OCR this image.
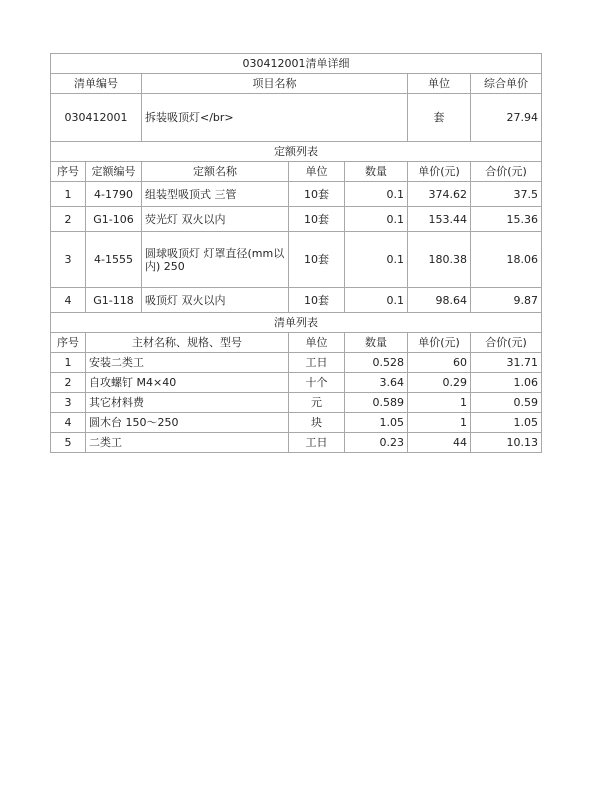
030412001清单详细						
清单编号		项目名称			单位	综合单价
030412001		拆装吸顶灯</br>			套	27.94
定额列表						
序号	定额编号	定额名称	单位	数量	单价(元)	合价(元)
1	4-1790	组装型吸顶式 三管	10套	0.1	374.62	37.5
2	G1-106	荧光灯 双火以内	10套	0.1	153.44	15.36
3	4-1555	圆球吸顶灯 灯罩直径(mm以内) 250	10套	0.1	180.38	18.06
4	G1-118	吸顶灯 双火以内	10套	0.1	98.64	9.87
清单列表						
序号	主材名称、规格、型号		单位	数量	单价(元)	合价(元)
1	安装二类工		工日	0.528	60	31.71
2	自攻螺钉 M4×40		十个	3.64	0.29	1.06
3	其它材料费		元	0.589	1	0.59
4	圆木台 150～250		块	1.05	1	1.05
5	二类工		工日	0.23	44	10.13
